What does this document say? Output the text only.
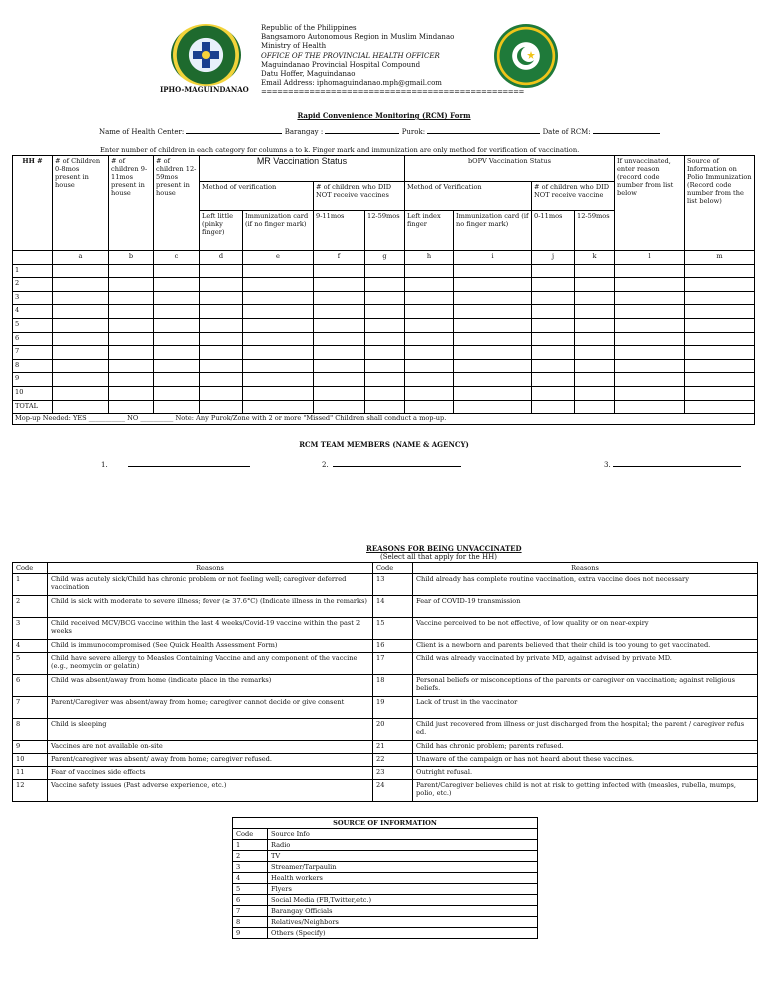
IPHO-MAGUINDANAO
Republic of the Philippines
Bangsamoro Autonomous Region in Muslim Mindanao
Ministry of Health
OFFICE OF THE PROVINCIAL HEALTH OFFICER
Maguindanao Provincial Hospital Compound
Datu Hoffer, Maguindanao
Email Address: iphomaguindanao.mph@gmail.com
=================================================
Rapid Convenience Monitoring (RCM) Form
Name of Health Center:	Barangay :	Purok:	Date of RCM:
Enter number of children in each category for columns a to k. Finger mark and immunization are only method for verification of vaccination.
HH #	# of Children 0-8mos present in house	# of children 9-11mos present in house	# of children 12-59mos present in house	MR Vaccination Status				bOPV Vaccination Status				If unvaccinated, enter reason (record code number from list below	Source of Information on Polio Immunization (Record code number from the list below)
				Method of verification		# of children who DID NOT receive vaccines		Method of Verification		# of children who DID NOT receive vaccine			
				Left little (pinky finger)	Immunization card (if no finger mark)	9-11mos	12-59mos	Left index finger	Immunization card (if no finger mark)	0-11mos	12-59mos		
	a	b	c	d	e	f	g	h	i	j	k	l	m
1													
2													
3													
4													
5													
6													
7													
8													
9													
10													
TOTAL													
Mop-up Needed: YES ___________ NO __________ Note: Any Purok/Zone with 2 or more "Missed" Children shall conduct a mop-up.													
RCM TEAM MEMBERS (NAME & AGENCY)
1.	2.	3.
REASONS FOR BEING UNVACCINATED
(Select all that apply for the HH)
Code	Reasons	Code	Reasons
1	Child was acutely sick/Child has chronic problem or not feeling well; caregiver deferred vaccination	13	Child already has complete routine vaccination, extra vaccine does not necessary
2	Child is sick with moderate to severe illness; fever (≥ 37.6°C) (Indicate illness in the remarks)	14	Fear of COVID-19 transmission
3	Child received MCV/BCG vaccine within the last 4 weeks/Covid-19 vaccine within the past 2 weeks	15	Vaccine perceived to be not effective, of low quality or on near-expiry
4	Child is immunocompromised (See Quick Health Assessment Form)	16	Client is a newborn and parents believed that their child is too young to get vaccinated.
5	Child have severe allergy to Measles Containing Vaccine and any component of the vaccine (e.g., neomycin or gelatin)	17	Child was already vaccinated by private MD, against advised by private MD.
6	Child was absent/away from home (indicate place in the remarks)	18	Personal beliefs or misconceptions of the parents or caregiver on vaccination; against religious beliefs.
7	Parent/Caregiver was absent/away from home; caregiver cannot decide or give consent	19	Lack of trust in the vaccinator
8	Child is sleeping	20	Child just recovered from illness or just discharged from the hospital; the parent / caregiver refus ed.
9	Vaccines are not available on-site	21	Child has chronic problem; parents refused.
10	Parent/caregiver was absent/ away from home; caregiver refused.	22	Unaware of the campaign or has not heard about these vaccines.
11	Fear of vaccines side effects	23	Outright refusal.
12	Vaccine safety issues (Past adverse experience, etc.)	24	Parent/Caregiver believes child is not at risk to getting infected with (measles, rubella, mumps, polio, etc.)
SOURCE OF INFORMATION	
Code	Source Info
1	Radio
2	TV
3	Streamer/Tarpaulin
4	Health workers
5	Flyers
6	Social Media (FB,Twitter,etc.)
7	Barangay Officials
8	Relatives/Neighbors
9	Others (Specify)
